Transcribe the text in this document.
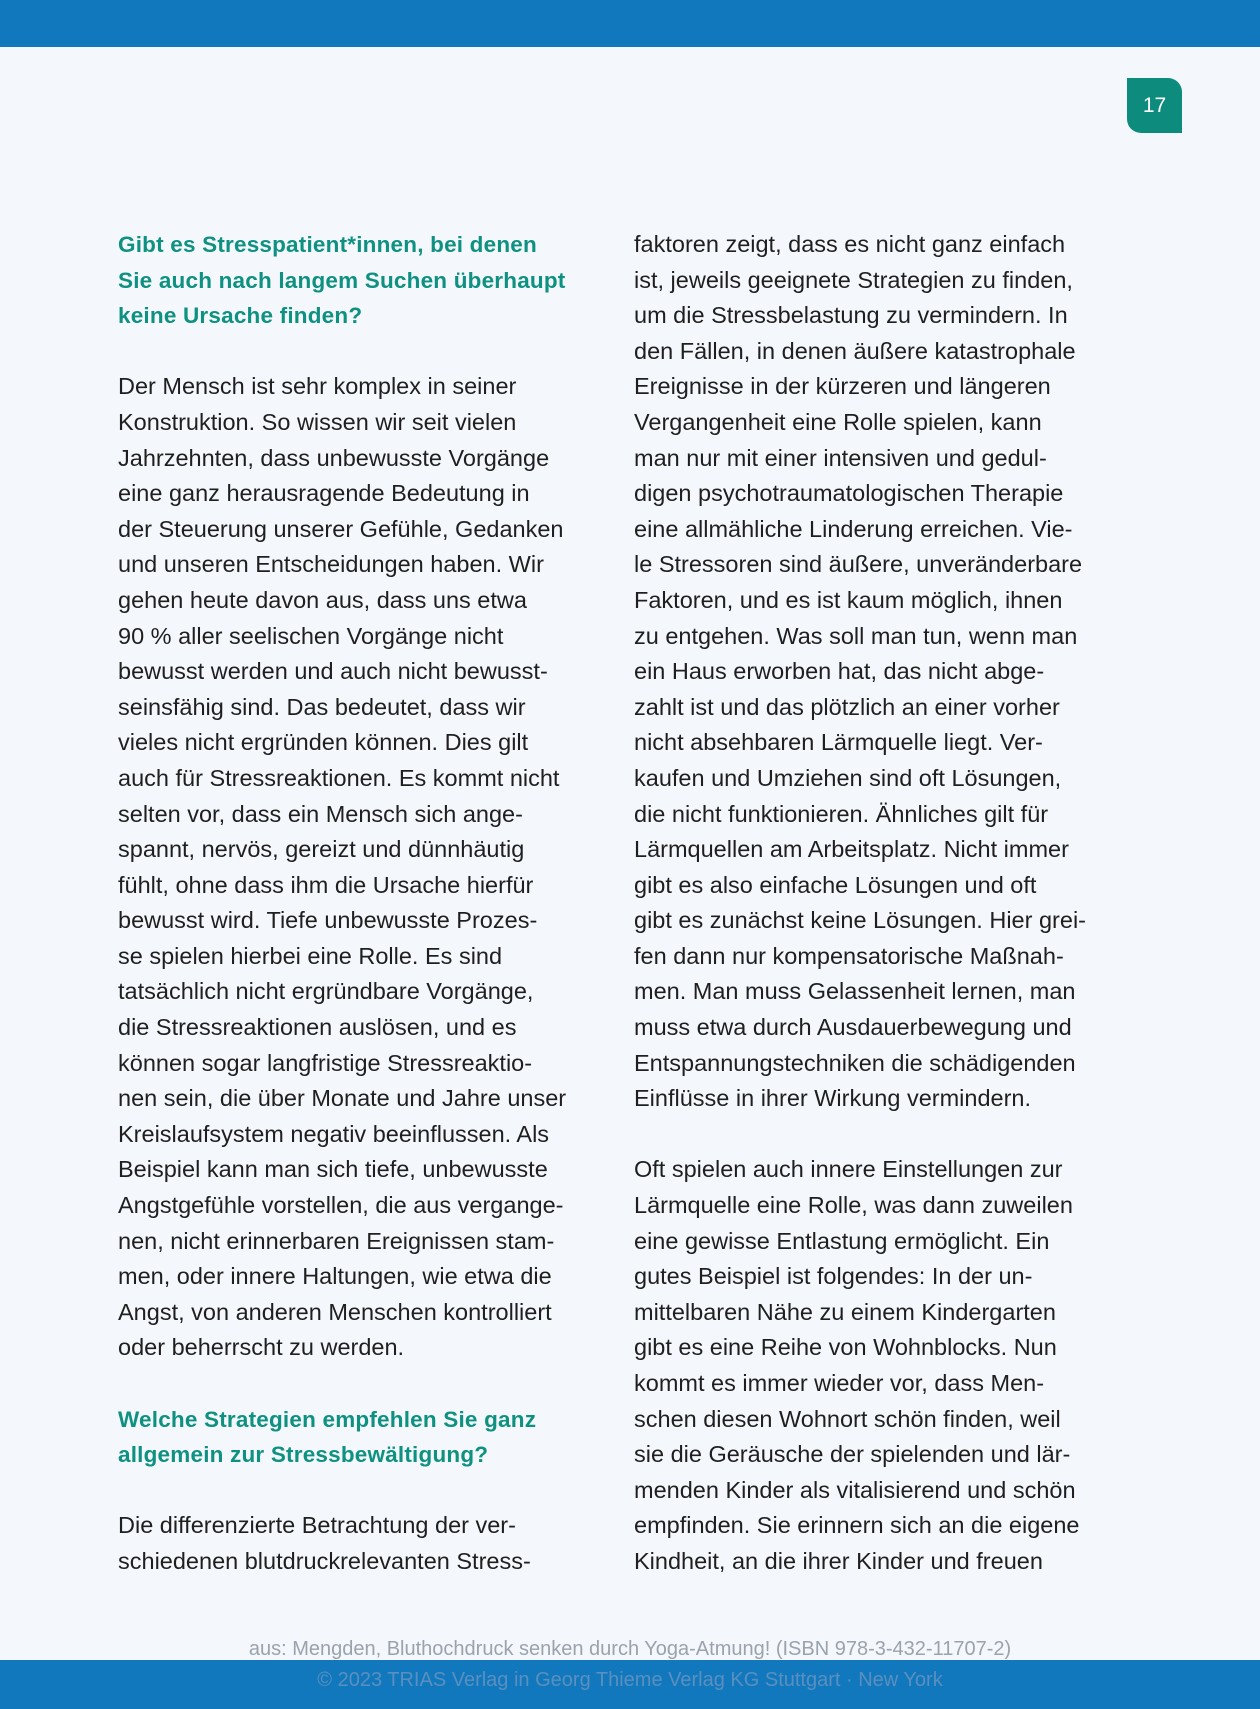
17

Gibt es Stresspatient*innen, bei denen
Sie auch nach langem Suchen überhaupt
keine Ursache finden?

Der Mensch ist sehr komplex in seiner
Konstruktion. So wissen wir seit vielen
Jahrzehnten, dass unbewusste Vorgänge
eine ganz herausragende Bedeutung in
der Steuerung unserer Gefühle, Gedanken
und unseren Entscheidungen haben. Wir
gehen heute davon aus, dass uns etwa
90 % aller seelischen Vorgänge nicht
bewusst werden und auch nicht bewusst-
seinsfähig sind. Das bedeutet, dass wir
vieles nicht ergründen können. Dies gilt
auch für Stressreaktionen. Es kommt nicht
selten vor, dass ein Mensch sich ange-
spannt, nervös, gereizt und dünnhäutig
fühlt, ohne dass ihm die Ursache hierfür
bewusst wird. Tiefe unbewusste Prozes-
se spielen hierbei eine Rolle. Es sind
tatsächlich nicht ergründbare Vorgänge,
die Stressreaktionen auslösen, und es
können sogar langfristige Stressreaktio-
nen sein, die über Monate und Jahre unser
Kreislaufsystem negativ beeinflussen. Als
Beispiel kann man sich tiefe, unbewusste
Angstgefühle vorstellen, die aus vergange-
nen, nicht erinnerbaren Ereignissen stam-
men, oder innere Haltungen, wie etwa die
Angst, von anderen Menschen kontrolliert
oder beherrscht zu werden.

Welche Strategien empfehlen Sie ganz
allgemein zur Stressbewältigung?

Die differenzierte Betrachtung der ver-
schiedenen blutdruckrelevanten Stress-

faktoren zeigt, dass es nicht ganz einfach
ist, jeweils geeignete Strategien zu finden,
um die Stressbelastung zu vermindern. In
den Fällen, in denen äußere katastrophale
Ereignisse in der kürzeren und längeren
Vergangenheit eine Rolle spielen, kann
man nur mit einer intensiven und gedul-
digen psychotraumatologischen Therapie
eine allmähliche Linderung erreichen. Vie-
le Stressoren sind äußere, unveränderbare
Faktoren, und es ist kaum möglich, ihnen
zu entgehen. Was soll man tun, wenn man
ein Haus erworben hat, das nicht abge-
zahlt ist und das plötzlich an einer vorher
nicht absehbaren Lärmquelle liegt. Ver-
kaufen und Umziehen sind oft Lösungen,
die nicht funktionieren. Ähnliches gilt für
Lärmquellen am Arbeitsplatz. Nicht immer
gibt es also einfache Lösungen und oft
gibt es zunächst keine Lösungen. Hier grei-
fen dann nur kompensatorische Maßnah-
men. Man muss Gelassenheit lernen, man
muss etwa durch Ausdauerbewegung und
Entspannungstechniken die schädigenden
Einflüsse in ihrer Wirkung vermindern.

Oft spielen auch innere Einstellungen zur
Lärmquelle eine Rolle, was dann zuweilen
eine gewisse Entlastung ermöglicht. Ein
gutes Beispiel ist folgendes: In der un-
mittelbaren Nähe zu einem Kindergarten
gibt es eine Reihe von Wohnblocks. Nun
kommt es immer wieder vor, dass Men-
schen diesen Wohnort schön finden, weil
sie die Geräusche der spielenden und lär-
menden Kinder als vitalisierend und schön
empfinden. Sie erinnern sich an die eigene
Kindheit, an die ihrer Kinder und freuen

aus: Mengden, Bluthochdruck senken durch Yoga-Atmung! (ISBN 978-3-432-11707-2)
© 2023 TRIAS Verlag in Georg Thieme Verlag KG Stuttgart · New York
